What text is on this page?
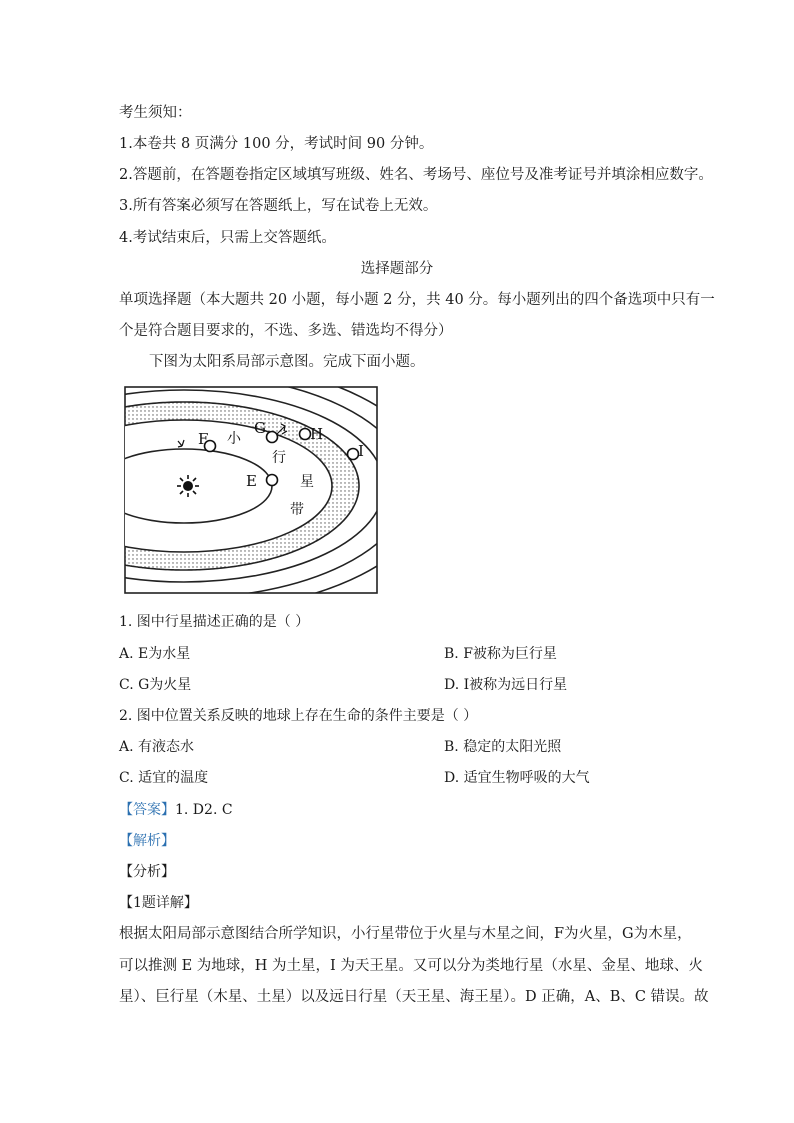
考生须知：
1.本卷共 8 页满分 100 分，考试时间 90 分钟。
2.答题前，在答题卷指定区域填写班级、姓名、考场号、座位号及准考证号并填涂相应数字。
3.所有答案必须写在答题纸上，写在试卷上无效。
4.考试结束后，只需上交答题纸。
选择题部分
单项选择题（本大题共 20 小题，每小题 2 分，共 40 分。每小题列出的四个备选项中只有一
个是符合题目要求的，不选、多选、错选均不得分）
下图为太阳系局部示意图。完成下面小题。
F 小
G	H
I
行
E	星
带
1. 图中行星描述正确的是（ ）
A. E为水星	B. F被称为巨行星
C. G为火星	D. I被称为远日行星
2. 图中位置关系反映的地球上存在生命的条件主要是（ ）
A. 有液态水	B. 稳定的太阳光照
C. 适宜的温度	D. 适宜生物呼吸的大气
【答案】1. D2. C
【解析】
【分析】
【1题详解】
根据太阳局部示意图结合所学知识，小行星带位于火星与木星之间，F为火星，G为木星，
可以推测 E 为地球，H 为土星，I 为天王星。又可以分为类地行星（水星、金星、地球、火
星）、巨行星（木星、土星）以及远日行星（天王星、海王星）。D 正确，A、B、C 错误。故
